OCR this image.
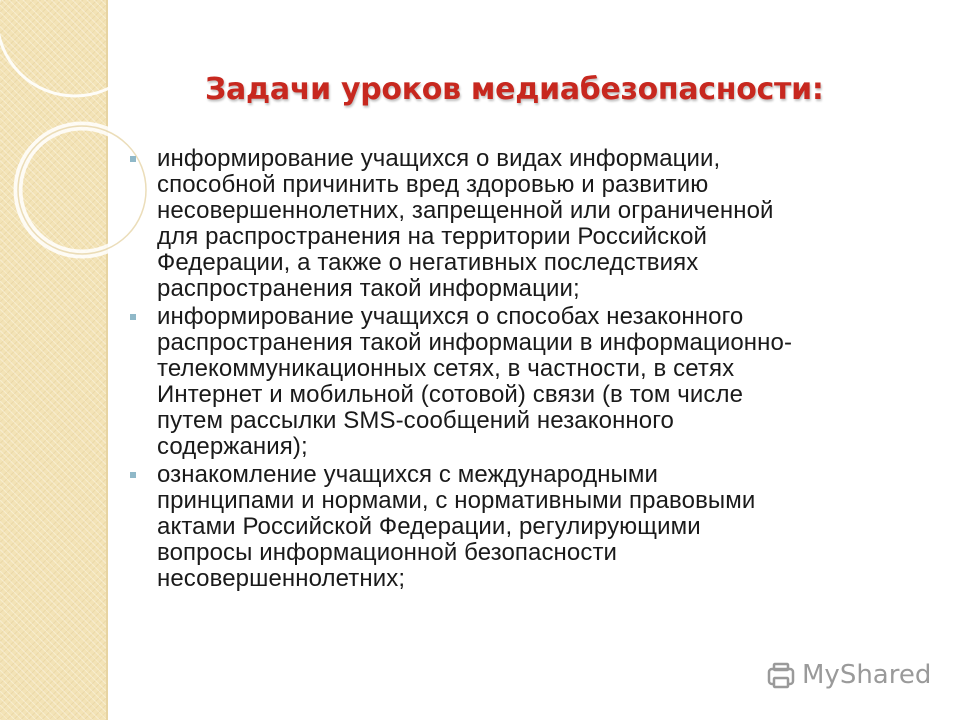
Задачи уроков медиабезопасности:
информирование учащихся о видах информации,
способной причинить вред здоровью и развитию
несовершеннолетних, запрещенной или ограниченной
для распространения на территории Российской
Федерации, а также о негативных последствиях
распространения такой информации;
информирование учащихся о способах незаконного
распространения такой информации в информационно-
телекоммуникационных сетях, в частности, в сетях
Интернет и мобильной (сотовой) связи (в том числе
путем рассылки SMS-сообщений незаконного
содержания);
ознакомление учащихся с международными
принципами и нормами, с нормативными правовыми
актами Российской Федерации, регулирующими
вопросы информационной безопасности
несовершеннолетних;
MyShared
